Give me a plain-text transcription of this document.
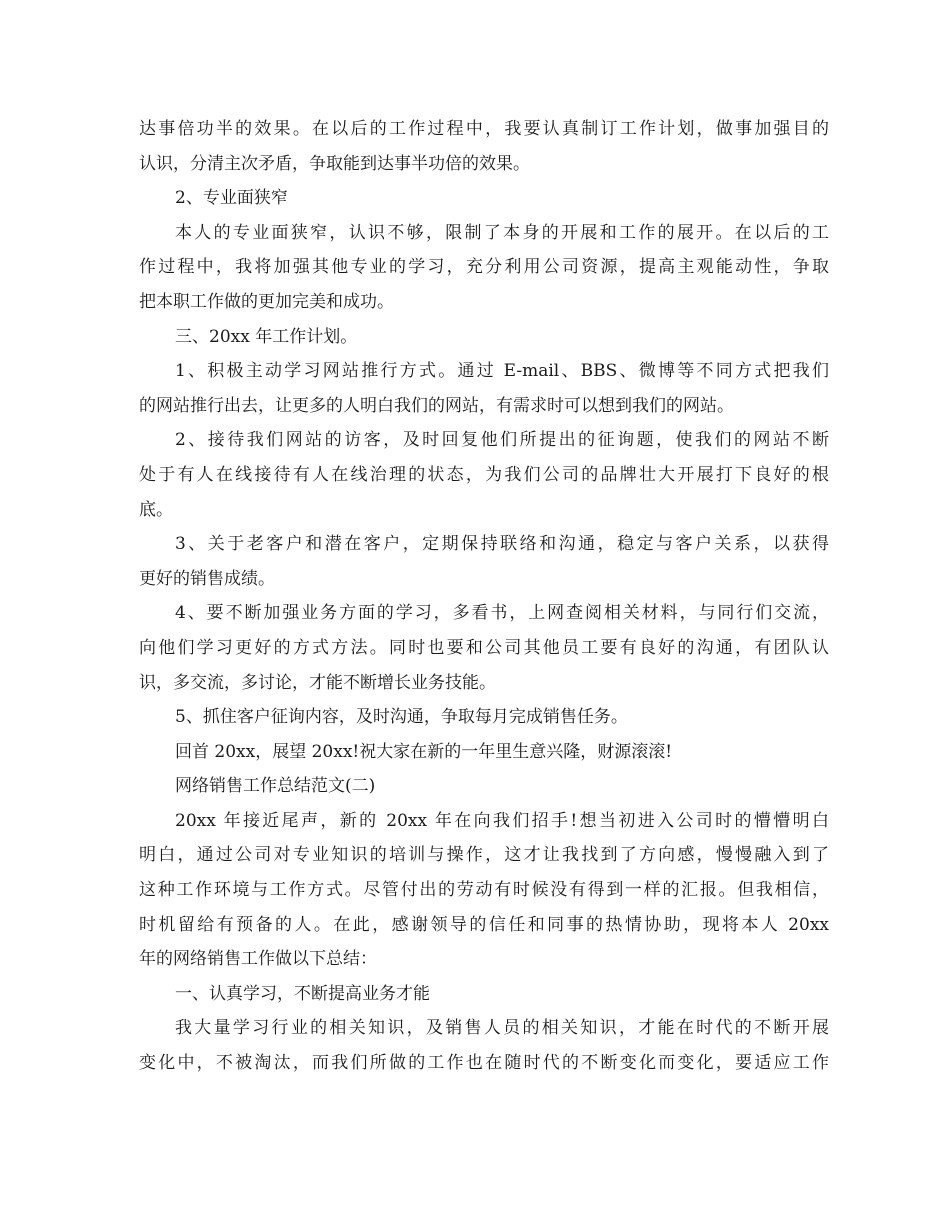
达事倍功半的效果。在以后的工作过程中，我要认真制订工作计划，做事加强目的
认识，分清主次矛盾，争取能到达事半功倍的效果。
2、专业面狭窄
本人的专业面狭窄，认识不够，限制了本身的开展和工作的展开。在以后的工
作过程中，我将加强其他专业的学习，充分利用公司资源，提高主观能动性，争取
把本职工作做的更加完美和成功。
三、20xx 年工作计划。
1、积极主动学习网站推行方式。通过 E-mail、BBS、微博等不同方式把我们
的网站推行出去，让更多的人明白我们的网站，有需求时可以想到我们的网站。
2、接待我们网站的访客，及时回复他们所提出的征询题，使我们的网站不断
处于有人在线接待有人在线治理的状态，为我们公司的品牌壮大开展打下良好的根
底。
3、关于老客户和潜在客户，定期保持联络和沟通，稳定与客户关系，以获得
更好的销售成绩。
4、要不断加强业务方面的学习，多看书，上网查阅相关材料，与同行们交流，
向他们学习更好的方式方法。同时也要和公司其他员工要有良好的沟通，有团队认
识，多交流，多讨论，才能不断增长业务技能。
5、抓住客户征询内容，及时沟通，争取每月完成销售任务。
回首 20xx，展望 20xx!祝大家在新的一年里生意兴隆，财源滚滚!
网络销售工作总结范文(二)
20xx 年接近尾声，新的 20xx 年在向我们招手!想当初进入公司时的懵懵明白
明白，通过公司对专业知识的培训与操作，这才让我找到了方向感，慢慢融入到了
这种工作环境与工作方式。尽管付出的劳动有时候没有得到一样的汇报。但我相信，
时机留给有预备的人。在此，感谢领导的信任和同事的热情协助，现将本人 20xx
年的网络销售工作做以下总结：
一、认真学习，不断提高业务才能
我大量学习行业的相关知识，及销售人员的相关知识，才能在时代的不断开展
变化中，不被淘汰，而我们所做的工作也在随时代的不断变化而变化，要适应工作
